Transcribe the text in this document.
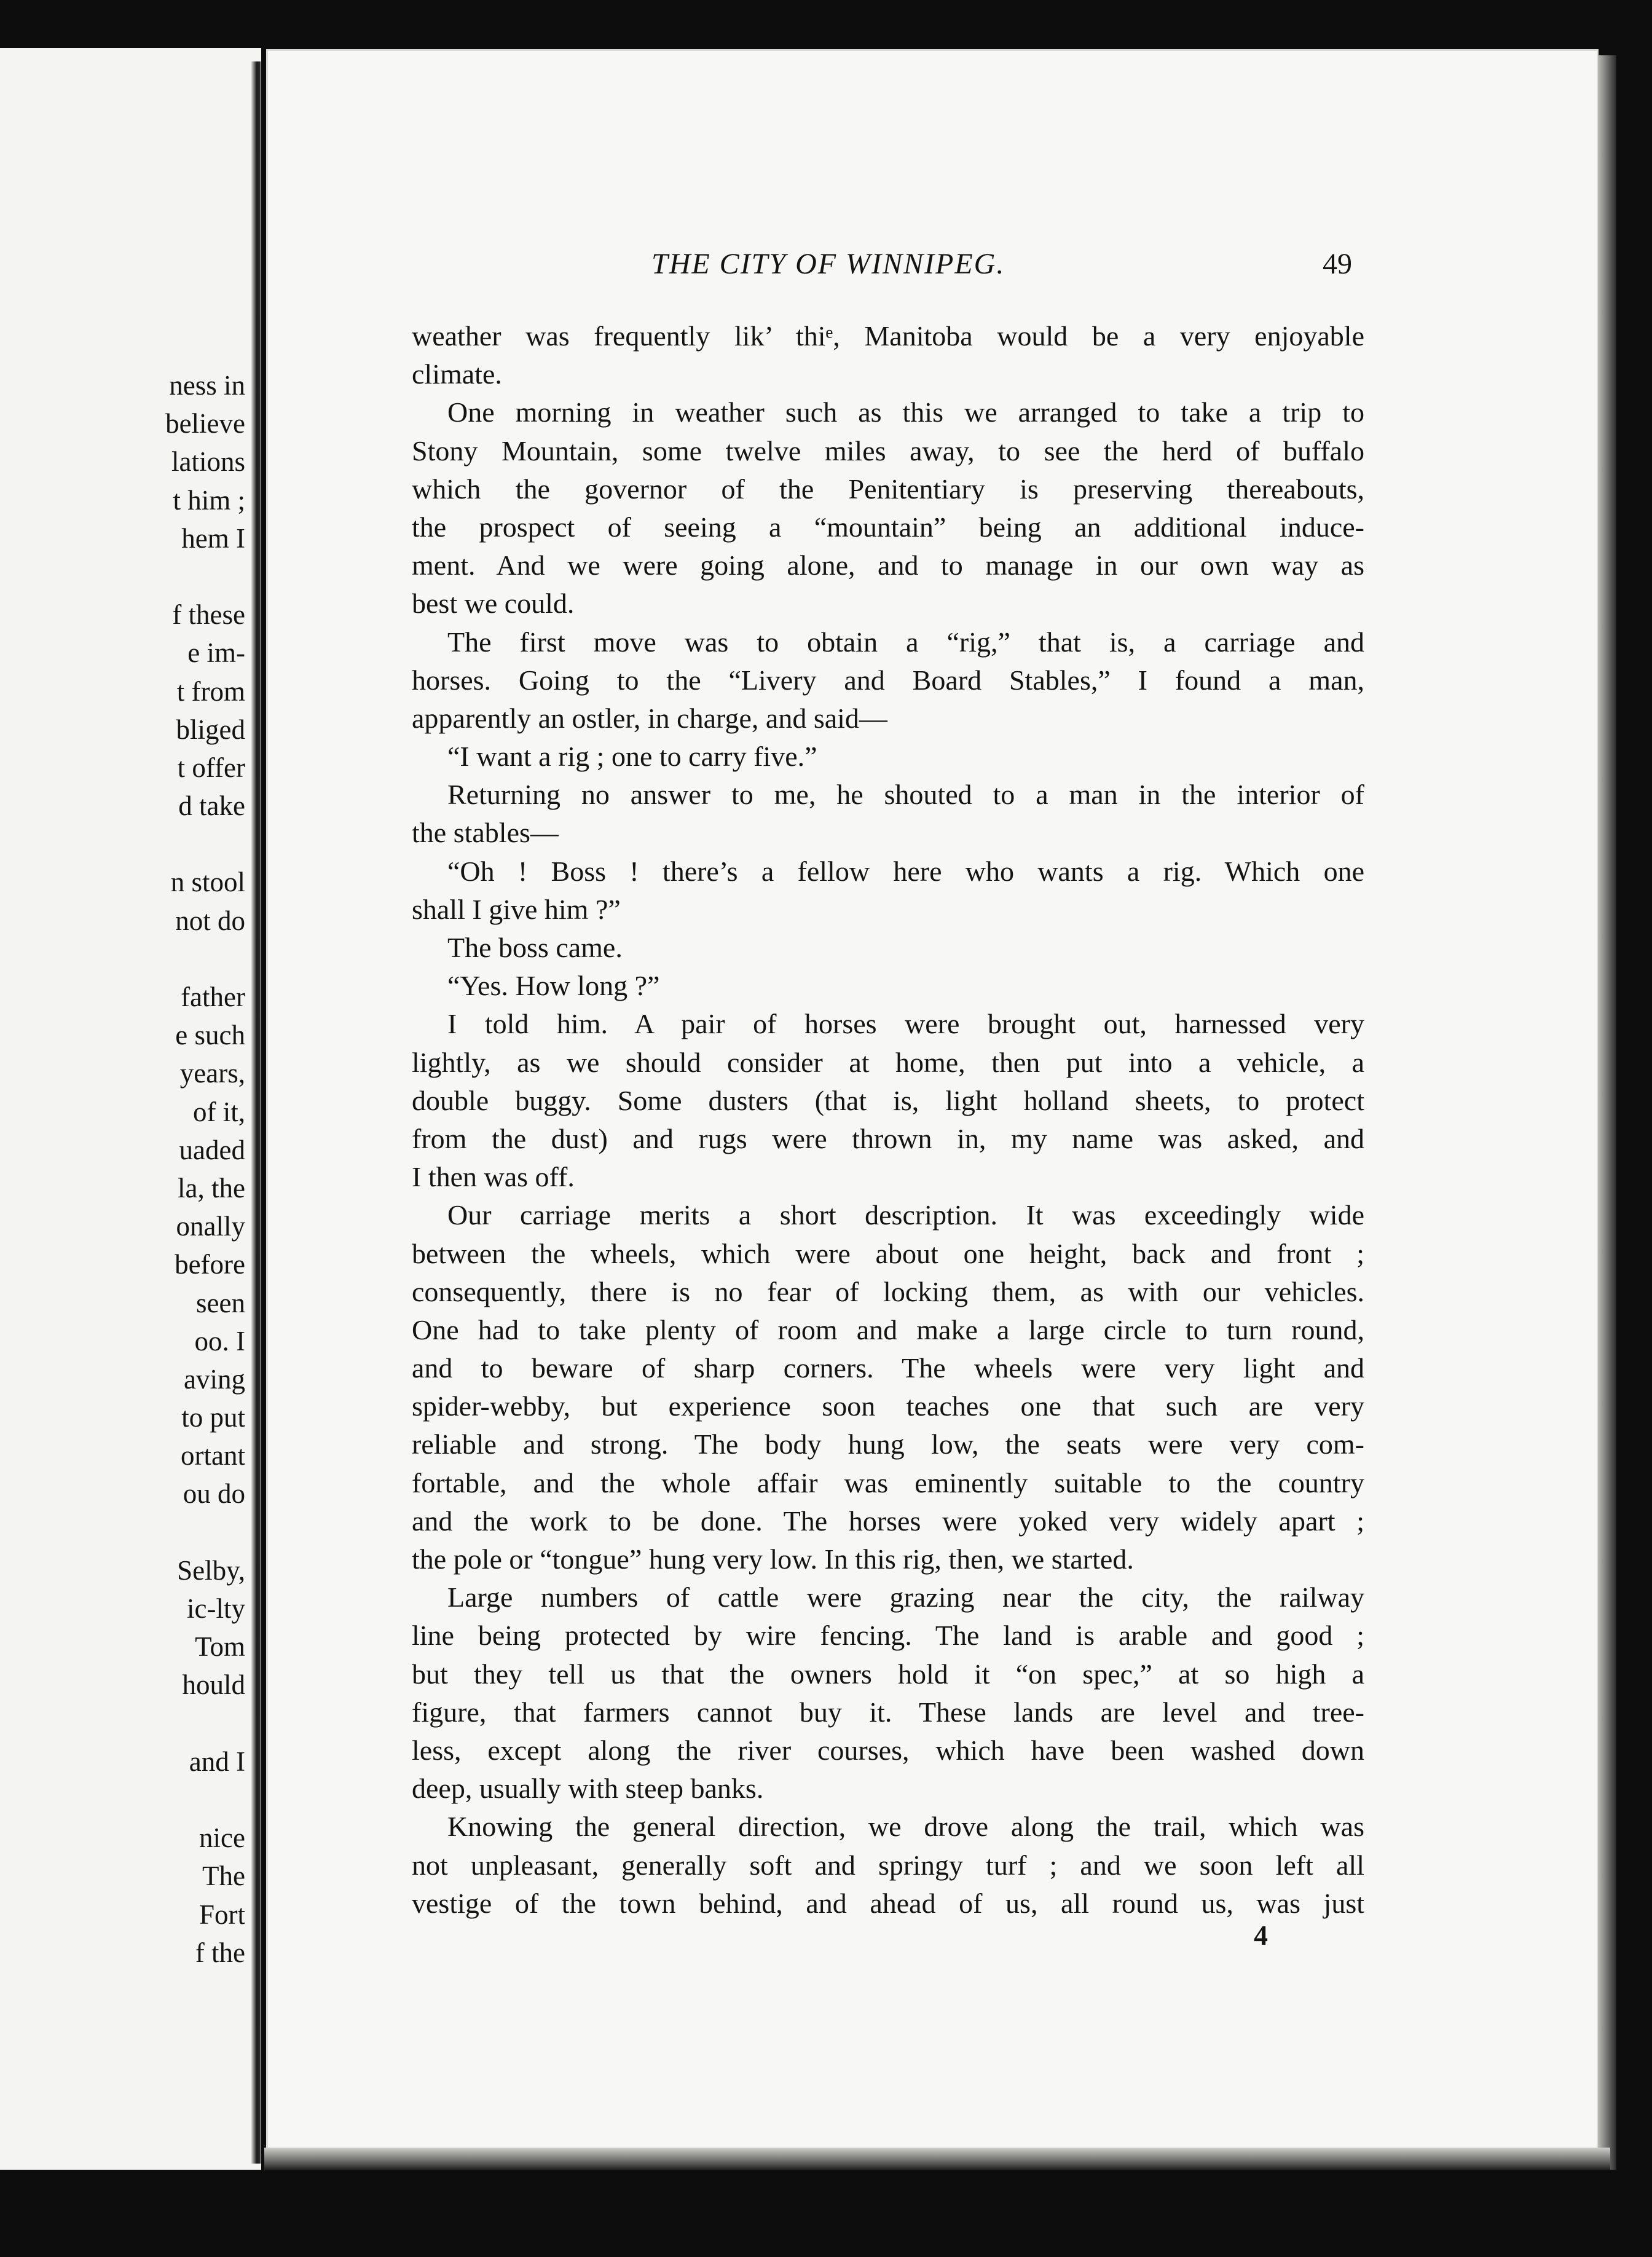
ness in
believe
lations
t him ;
hem I
f these
e im-
t from
bliged
t offer
d take
n stool
not do
father
e such
years,
of it,
uaded
la, the
onally
before
seen
oo. I
aving
to put
ortant
ou do
Selby,
ic-lty
Tom
hould
and I
nice
The
Fort
f the
THE CITY OF WINNIPEG.	49
weather was frequently lik’ thiᵉ, Manitoba would be a very enjoyable
climate.
One morning in weather such as this we arranged to take a trip to
Stony Mountain, some twelve miles away, to see the herd of buffalo
which the governor of the Penitentiary is preserving thereabouts,
the prospect of seeing a “mountain” being an additional induce-
ment. And we were going alone, and to manage in our own way as
best we could.
The first move was to obtain a “rig,” that is, a carriage and
horses. Going to the “Livery and Board Stables,” I found a man,
apparently an ostler, in charge, and said—
“I want a rig ; one to carry five.”
Returning no answer to me, he shouted to a man in the interior of
the stables—
“Oh ! Boss ! there’s a fellow here who wants a rig. Which one
shall I give him ?”
The boss came.
“Yes. How long ?”
I told him. A pair of horses were brought out, harnessed very
lightly, as we should consider at home, then put into a vehicle, a
double buggy. Some dusters (that is, light holland sheets, to protect
from the dust) and rugs were thrown in, my name was asked, and
I then was off.
Our carriage merits a short description. It was exceedingly wide
between the wheels, which were about one height, back and front ;
consequently, there is no fear of locking them, as with our vehicles.
One had to take plenty of room and make a large circle to turn round,
and to beware of sharp corners. The wheels were very light and
spider-webby, but experience soon teaches one that such are very
reliable and strong. The body hung low, the seats were very com-
fortable, and the whole affair was eminently suitable to the country
and the work to be done. The horses were yoked very widely apart ;
the pole or “tongue” hung very low. In this rig, then, we started.
Large numbers of cattle were grazing near the city, the railway
line being protected by wire fencing. The land is arable and good ;
but they tell us that the owners hold it “on spec,” at so high a
figure, that farmers cannot buy it. These lands are level and tree-
less, except along the river courses, which have been washed down
deep, usually with steep banks.
Knowing the general direction, we drove along the trail, which was
not unpleasant, generally soft and springy turf ; and we soon left all
vestige of the town behind, and ahead of us, all round us, was just
4
